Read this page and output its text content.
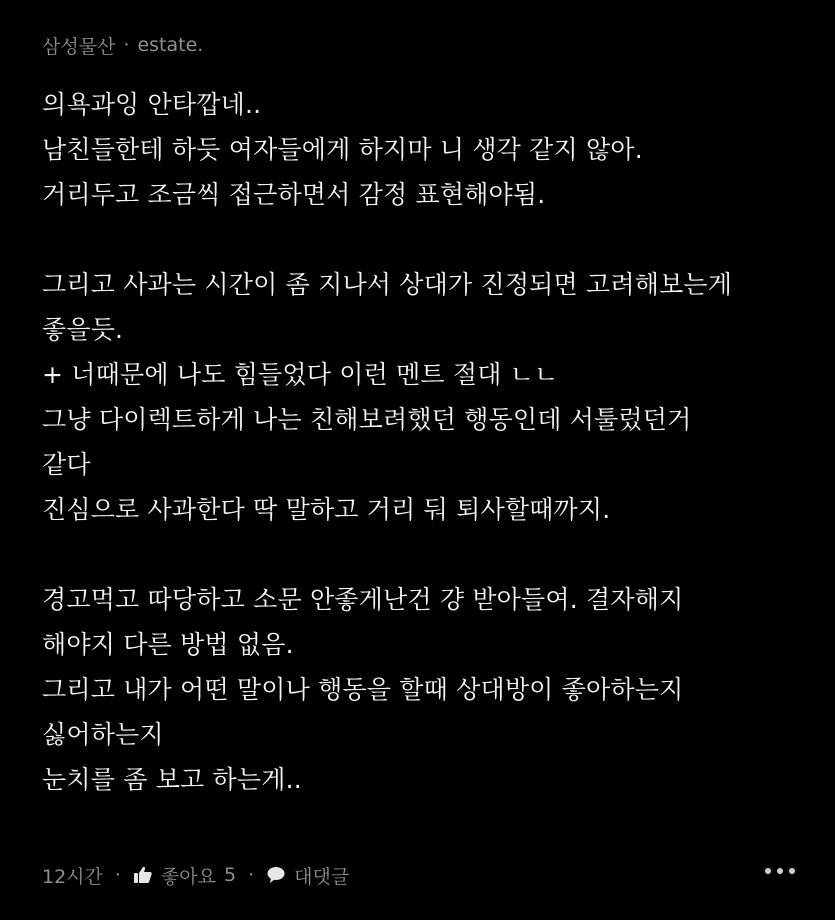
삼성물산 · estate.
의욕과잉 안타깝네..
남친들한테 하듯 여자들에게 하지마 니 생각 같지 않아.
거리두고 조금씩 접근하면서 감정 표현해야됨.
그리고 사과는 시간이 좀 지나서 상대가 진정되면 고려해보는게
좋을듯.
+ 너때문에 나도 힘들었다 이런 멘트 절대 ㄴㄴ
그냥 다이렉트하게 나는 친해보려했던 행동인데 서툴렀던거
같다
진심으로 사과한다 딱 말하고 거리 둬 퇴사할때까지.
경고먹고 따당하고 소문 안좋게난건 걍 받아들여. 결자해지
해야지 다른 방법 없음.
그리고 내가 어떤 말이나 행동을 할때 상대방이 좋아하는지
싫어하는지
눈치를 좀 보고 하는게..
12시간 · 좋아요 5 · 대댓글
